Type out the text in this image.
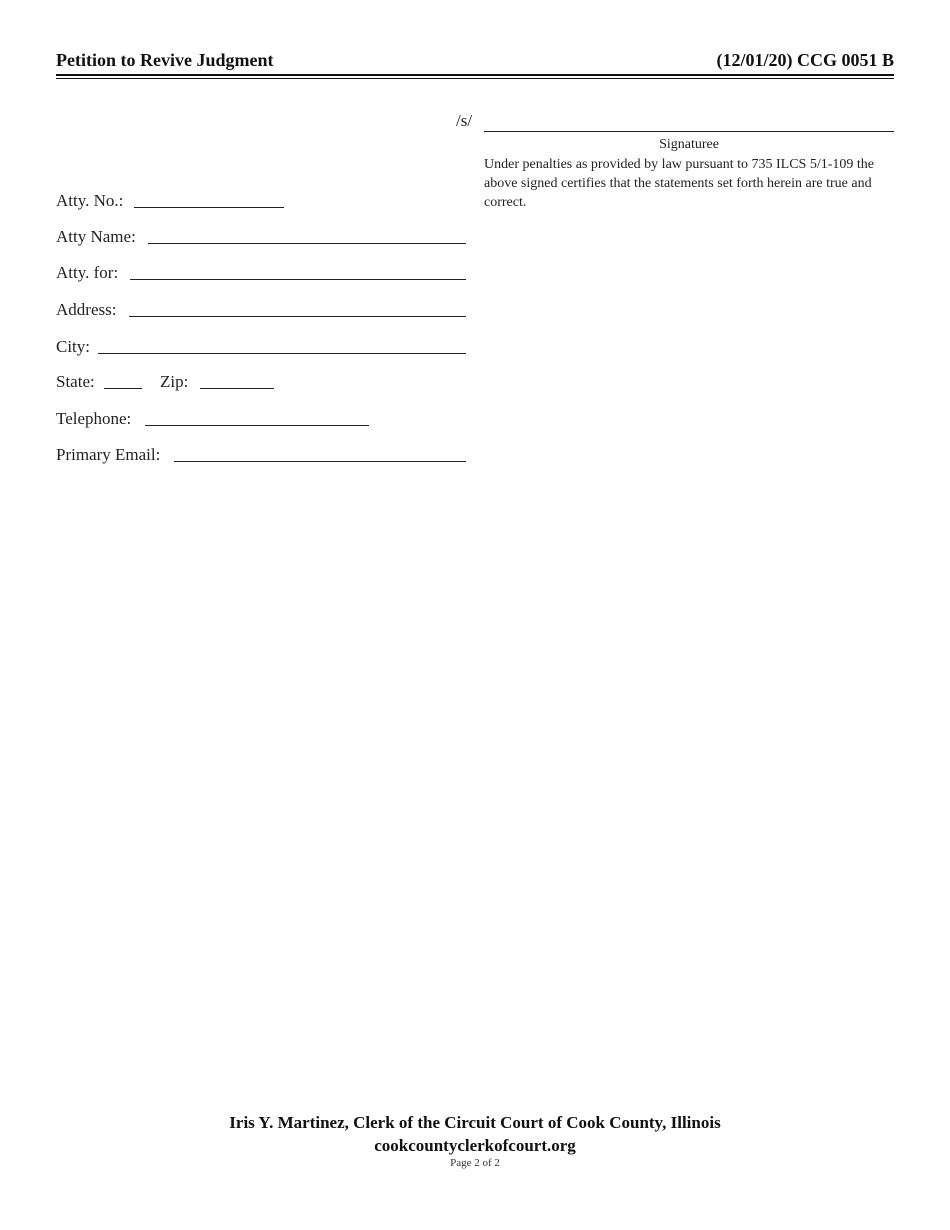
Petition to Revive Judgment	(12/01/20) CCG 0051 B
/s/
Signaturee
Under penalties as provided by law pursuant to 735 ILCS 5/1-109 the above signed certifies that the statements set forth herein are true and correct.
Atty. No.:
Atty Name:
Atty. for:
Address:
City:
State:	Zip:
Telephone:
Primary Email:
Iris Y. Martinez, Clerk of the Circuit Court of Cook County, Illinois
cookcountyclerkofcourt.org
Page 2 of 2
